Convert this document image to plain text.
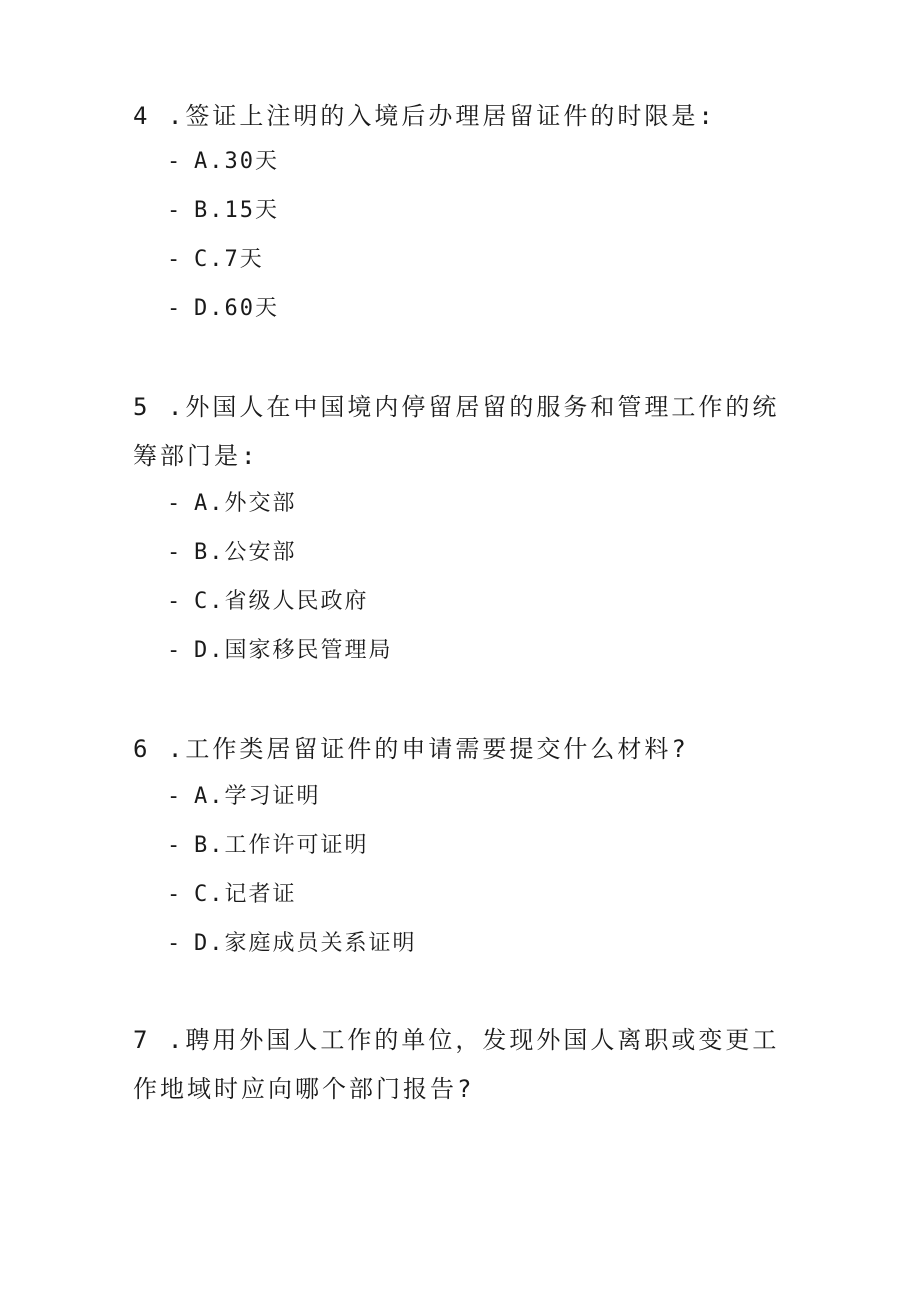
4 .签证上注明的入境后办理居留证件的时限是:

- A.30天
- B.15天
- C.7天
- D.60天

5 .外国人在中国境内停留居留的服务和管理工作的统筹部门是:

- A.外交部
- B.公安部
- C.省级人民政府
- D.国家移民管理局

6 .工作类居留证件的申请需要提交什么材料?

- A.学习证明
- B.工作许可证明
- C.记者证
- D.家庭成员关系证明

7 .聘用外国人工作的单位，发现外国人离职或变更工作地域时应向哪个部门报告?
